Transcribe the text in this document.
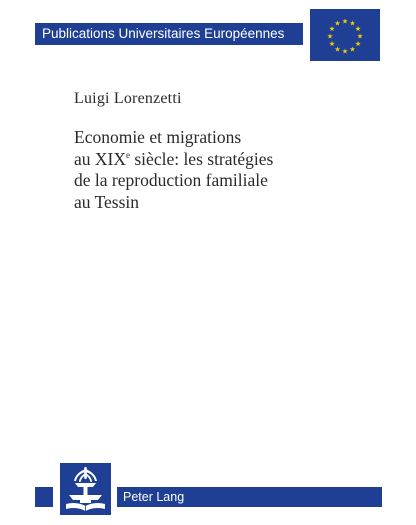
Publications Universitaires Européennes
★ ★
★
★
★
★
★
★
★
★
★
★
Luigi Lorenzetti
Economie et migrations
au XIXe siècle: les stratégies
de la reproduction familiale
au Tessin
Peter Lang
